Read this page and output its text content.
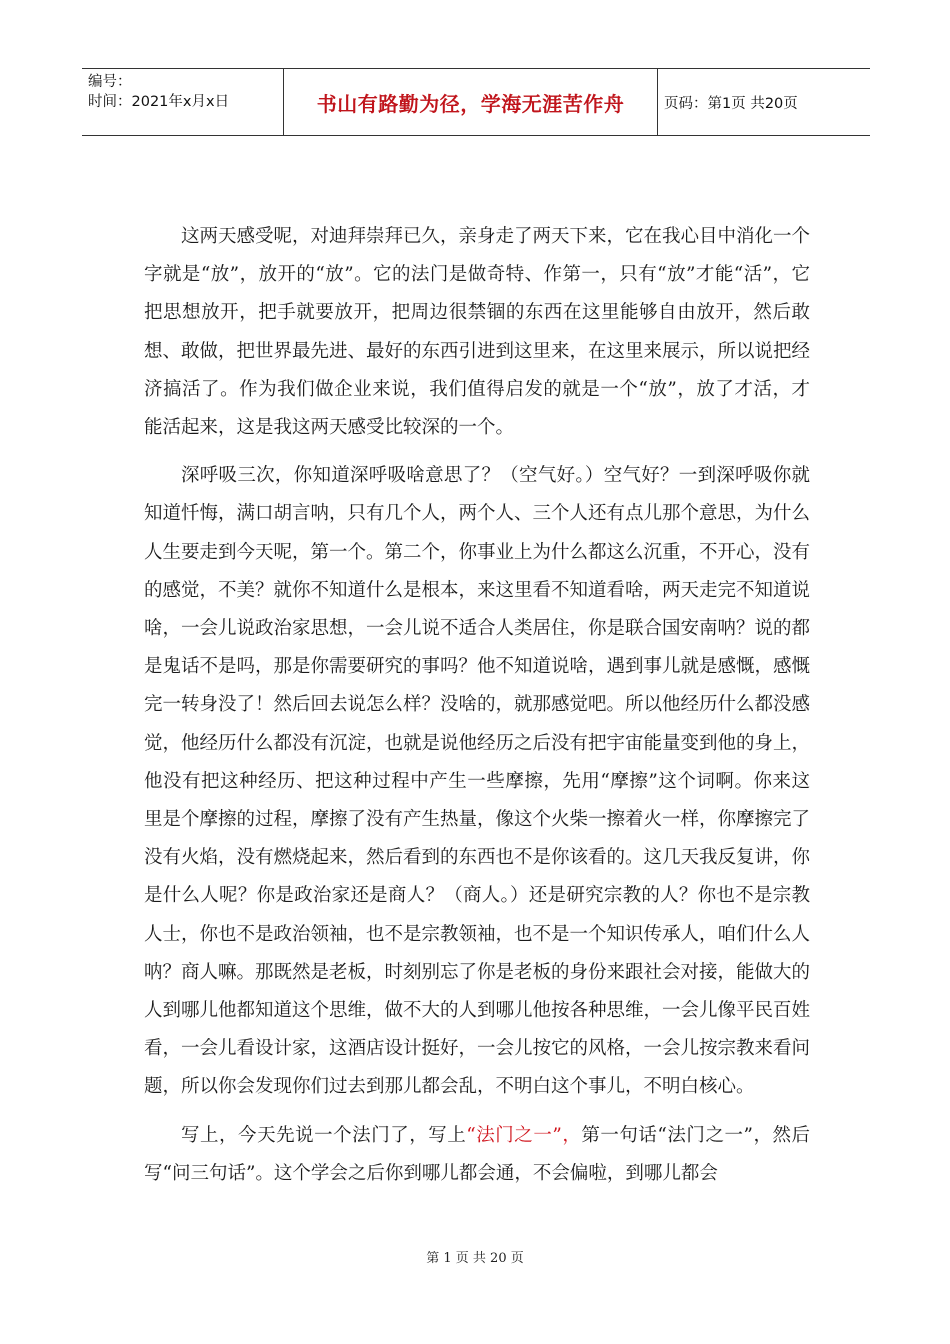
编号：
时间：2021年x月x日	书山有路勤为径，学海无涯苦作舟	页码：第1页 共20页

这两天感受呢，对迪拜崇拜已久，亲身走了两天下来，它在我心目中消化一个字就是“放”，放开的“放”。它的法门是做奇特、作第一，只有“放”才能“活”，它把思想放开，把手就要放开，把周边很禁锢的东西在这里能够自由放开，然后敢想、敢做，把世界最先进、最好的东西引进到这里来，在这里来展示，所以说把经济搞活了。作为我们做企业来说，我们值得启发的就是一个“放”，放了才活，才能活起来，这是我这两天感受比较深的一个。

深呼吸三次，你知道深呼吸啥意思了？（空气好。）空气好？一到深呼吸你就知道忏悔，满口胡言呐，只有几个人，两个人、三个人还有点儿那个意思，为什么人生要走到今天呢，第一个。第二个，你事业上为什么都这么沉重，不开心，没有的感觉，不美？就你不知道什么是根本，来这里看不知道看啥，两天走完不知道说啥，一会儿说政治家思想，一会儿说不适合人类居住，你是联合国安南呐？说的都是鬼话不是吗，那是你需要研究的事吗？他不知道说啥，遇到事儿就是感慨，感慨完一转身没了！然后回去说怎么样？没啥的，就那感觉吧。所以他经历什么都没感觉，他经历什么都没有沉淀，也就是说他经历之后没有把宇宙能量变到他的身上，他没有把这种经历、把这种过程中产生一些摩擦，先用“摩擦”这个词啊。你来这里是个摩擦的过程，摩擦了没有产生热量，像这个火柴一擦着火一样，你摩擦完了没有火焰，没有燃烧起来，然后看到的东西也不是你该看的。这几天我反复讲，你是什么人呢？你是政治家还是商人？（商人。）还是研究宗教的人？你也不是宗教人士，你也不是政治领袖，也不是宗教领袖，也不是一个知识传承人，咱们什么人呐？商人嘛。那既然是老板，时刻别忘了你是老板的身份来跟社会对接，能做大的人到哪儿他都知道这个思维，做不大的人到哪儿他按各种思维，一会儿像平民百姓看，一会儿看设计家，这酒店设计挺好，一会儿按它的风格，一会儿按宗教来看问题，所以你会发现你们过去到那儿都会乱，不明白这个事儿，不明白核心。

写上，今天先说一个法门了，写上“法门之一”，第一句话“法门之一”，然后写“问三句话”。这个学会之后你到哪儿都会通，不会偏啦，到哪儿都会

第 1 页 共 20 页
